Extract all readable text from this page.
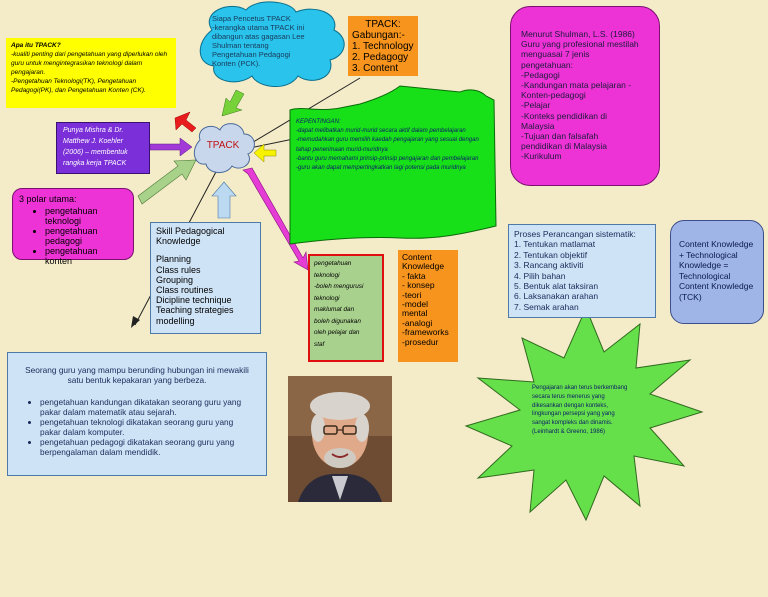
TPACK
Siapa Pencetus TPACK
-kerangka utama TPACK ini
dibangun atas gagasan Lee
Shulman tentang
Pengetahuan Pedagogi
Konten (PCK).
TPACK:
Gabungan:-
1. Technology
2. Pedagogy
3. Content
Apa itu TPACK?
-kualiti penting dari pengetahuan yang diperlukan oleh guru untuk mengintegrasikan teknologi dalam pengajaran.
-Pengetahuan Teknologi(TK), Pengetahuan Pedagogi(PK), dan Pengetahuan Konten (CK).
Menurut Shulman, L.S. (1986)
Guru yang profesional mestilah
menguasai 7 jenis
pengetahuan:
-Pedagogi
-Kandungan mata pelajaran -
Konten-pedagogi
-Pelajar
-Konteks pendidikan di
Malaysia
-Tujuan dan falsafah
pendidikan di Malaysia
-Kurikulum
Punya Mishra & Dr.
Matthew J. Koehler
(2006) – membentuk
rangka kerja TPACK
KEPENTINGAN:
-dapat melibatkan murid-murid secara aktif dalam pembelajaran
-memudahkan guru memilih kaedah pengajaran yang sesuai dengan tahap penerimaan murid-muridnya
-bantu guru memahami prinsip-prinsip pengajaran dan pembelajaran
-guru akan dapat mempertingkatkan lagi potensi pada muridnya
3 polar utama:
• pengetahuan teknologi
• pengetahuan pedagogi
• pengetahuan konten
Skill Pedagogical Knowledge
Planning
Class rules
Grouping
Class routines
Dicipline technique
Teaching strategies
modelling
pengetahuan
teknologi
-boleh mengurusi
teknologi
maklumat dan
boleh digunakan
oleh pelajar dan
staf
Content Knowledge
- fakta
- konsep
-teori
-model
mental
-analogi
-frameworks
-prosedur
Proses Perancangan sistematik:
1. Tentukan matlamat
2. Tentukan objektif
3. Rancang aktiviti
4. Pilih bahan
5. Bentuk alat taksiran
6. Laksanakan arahan
7. Semak arahan
Content Knowledge
+ Technological
Knowledge =
Technological
Content Knowledge
(TCK)
Seorang guru yang mampu berunding hubungan ini mewakili satu bentuk kepakaran yang berbeza.
• pengetahuan kandungan dikatakan seorang guru yang pakar dalam matematik atau sejarah.
• pengetahuan teknologi dikatakan seorang guru yang pakar dalam komputer.
• pengetahuan pedagogi dikatakan seorang guru yang berpengalaman dalam mendidik.
Pengajaran akan terus berkembang
secara terus menerus yang
dikesankan dengan konteks,
lingkungan persepsi yang yang
sangat kompleks dan dinamis.
(Leinhardt & Greeno, 1986)
